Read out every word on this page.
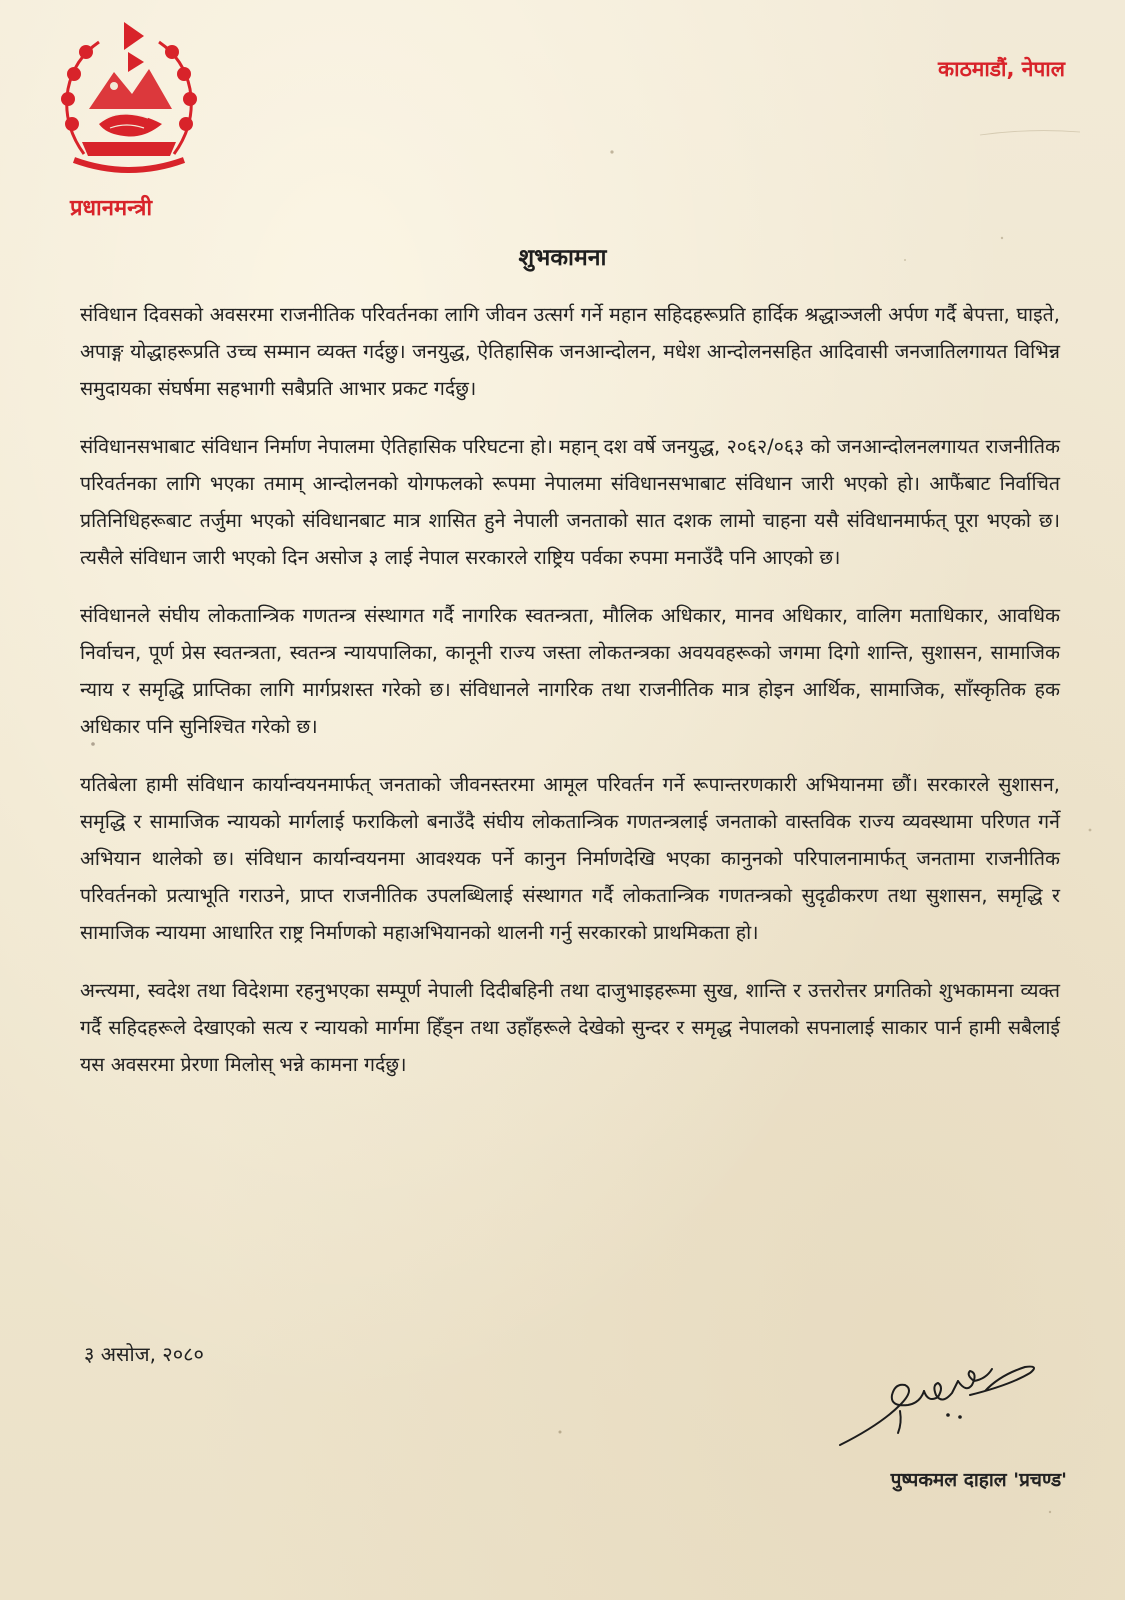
प्रधानमन्त्री
काठमाडौं, नेपाल
शुभकामना

संविधान दिवसको अवसरमा राजनीतिक परिवर्तनका लागि जीवन उत्सर्ग गर्ने महान सहिदहरूप्रति हार्दिक श्रद्धाञ्जली अर्पण गर्दै बेपत्ता, घाइते, अपाङ्ग योद्धाहरूप्रति उच्च सम्मान व्यक्त गर्दछु। जनयुद्ध, ऐतिहासिक जनआन्दोलन, मधेश आन्दोलनसहित आदिवासी जनजातिलगायत विभिन्न समुदायका संघर्षमा सहभागी सबैप्रति आभार प्रकट गर्दछु।

संविधानसभाबाट संविधान निर्माण नेपालमा ऐतिहासिक परिघटना हो। महान् दश वर्षे जनयुद्ध, २०६२/०६३ को जनआन्दोलनलगायत राजनीतिक परिवर्तनका लागि भएका तमाम् आन्दोलनको योगफलको रूपमा नेपालमा संविधानसभाबाट संविधान जारी भएको हो। आफैंबाट निर्वाचित प्रतिनिधिहरूबाट तर्जुमा भएको संविधानबाट मात्र शासित हुने नेपाली जनताको सात दशक लामो चाहना यसै संविधानमार्फत् पूरा भएको छ। त्यसैले संविधान जारी भएको दिन असोज ३ लाई नेपाल सरकारले राष्ट्रिय पर्वका रुपमा मनाउँदै पनि आएको छ।

संविधानले संघीय लोकतान्त्रिक गणतन्त्र संस्थागत गर्दै नागरिक स्वतन्त्रता, मौलिक अधिकार, मानव अधिकार, वालिग मताधिकार, आवधिक निर्वाचन, पूर्ण प्रेस स्वतन्त्रता, स्वतन्त्र न्यायपालिका, कानूनी राज्य जस्ता लोकतन्त्रका अवयवहरूको जगमा दिगो शान्ति, सुशासन, सामाजिक न्याय र समृद्धि प्राप्तिका लागि मार्गप्रशस्त गरेको छ। संविधानले नागरिक तथा राजनीतिक मात्र होइन आर्थिक, सामाजिक, साँस्कृतिक हक अधिकार पनि सुनिश्चित गरेको छ।

यतिबेला हामी संविधान कार्यान्वयनमार्फत् जनताको जीवनस्तरमा आमूल परिवर्तन गर्ने रूपान्तरणकारी अभियानमा छौं। सरकारले सुशासन, समृद्धि र सामाजिक न्यायको मार्गलाई फराकिलो बनाउँदै संघीय लोकतान्त्रिक गणतन्त्रलाई जनताको वास्तविक राज्य व्यवस्थामा परिणत गर्ने अभियान थालेको छ। संविधान कार्यान्वयनमा आवश्यक पर्ने कानुन निर्माणदेखि भएका कानुनको परिपालनामार्फत् जनतामा राजनीतिक परिवर्तनको प्रत्याभूति गराउने, प्राप्त राजनीतिक उपलब्धिलाई संस्थागत गर्दै लोकतान्त्रिक गणतन्त्रको सुदृढीकरण तथा सुशासन, समृद्धि र सामाजिक न्यायमा आधारित राष्ट्र निर्माणको महाअभियानको थालनी गर्नु सरकारको प्राथमिकता हो।

अन्त्यमा, स्वदेश तथा विदेशमा रहनुभएका सम्पूर्ण नेपाली दिदीबहिनी तथा दाजुभाइहरूमा सुख, शान्ति र उत्तरोत्तर प्रगतिको शुभकामना व्यक्त गर्दै सहिदहरूले देखाएको सत्य र न्यायको मार्गमा हिँड्न तथा उहाँहरूले देखेको सुन्दर र समृद्ध नेपालको सपनालाई साकार पार्न हामी सबैलाई यस अवसरमा प्रेरणा मिलोस् भन्ने कामना गर्दछु।

३ असोज, २०८०
पुष्पकमल दाहाल 'प्रचण्ड'
